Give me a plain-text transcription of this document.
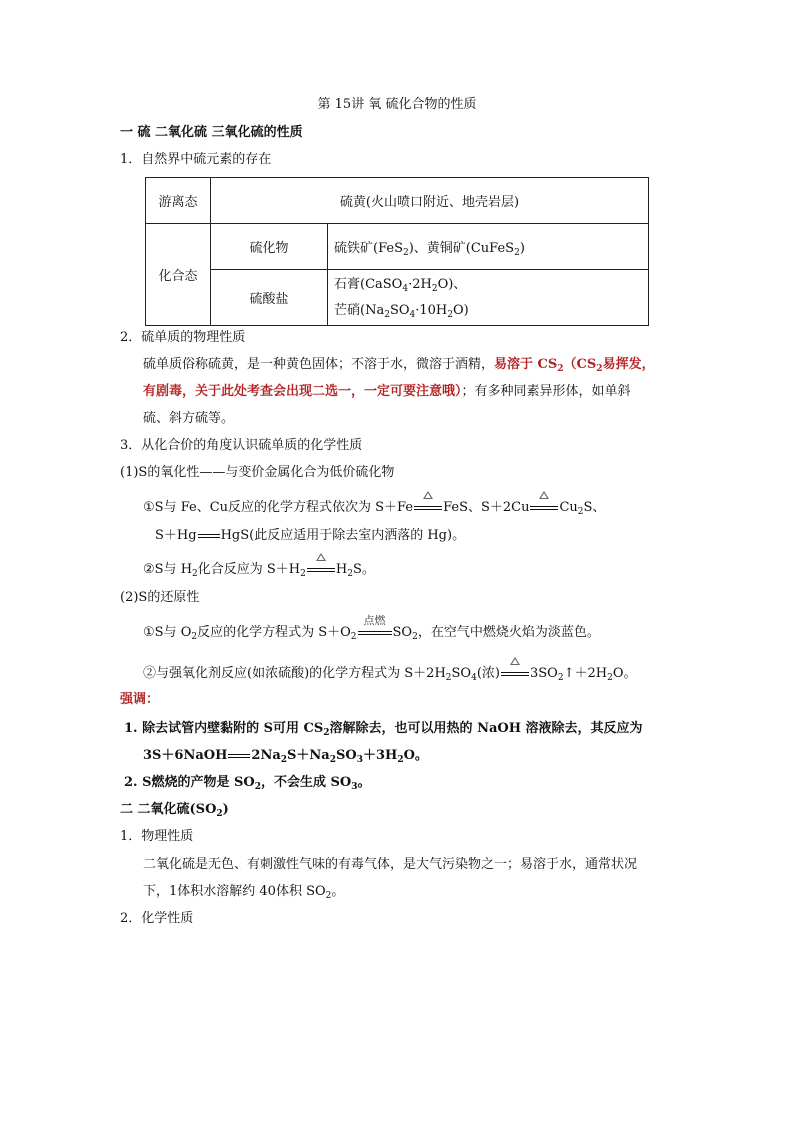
第 15讲 氧 硫化合物的性质
一 硫 二氧化硫 三氧化硫的性质
1．自然界中硫元素的存在
游离态	硫黄(火山喷口附近、地壳岩层)	
化合态	硫化物	硫铁矿(FeS$_2$)、黄铜矿(CuFeS$_2$)
	硫酸盐	石膏$(CaSO_4\cdot 2H_2O)$、
芒硝$(Na_2SO_4\cdot 10H_2O)$
2．硫单质的物理性质
硫单质俗称硫黄，是一种黄色固体；不溶于水，微溶于酒精，易溶于 $CS_2(CS_2$易挥发，
有剧毒，关于此处考查会出现二选一，一定可要注意哦）；有多种同素异形体，如单斜
硫、斜方硫等。
3．从化合价的角度认识硫单质的化学性质
(1)S的氧化性——与变价金属化合为低价硫化物
①S与 Fe、Cu反应的化学方程式依次为 S＋Fe FeS、S＋2Cu $Cu_2S$、
S＋Hg HgS(此反应适用于除去室内洒落的 Hg)。
②S与 $H_2$化合反应为 $S+H_2$ $H_2S$。
(2)S的还原性
①S与 $O_2$反应的化学方程式为 $S+O_2$
点燃
$SO_2$，在空气中燃烧火焰为淡蓝色。
②与强氧化剂反应(如浓硫酸)的化学方程式为 $S+2H_2SO_4$(浓) $3SO_2↑+2H_2O$。
强调：
1. 除去试管内壁黏附的 S可用 $CS_2$溶解除去，也可以用热的 NaOH 溶液除去，其反应为
3S＋6NaOH $2Na_2S+Na_2SO_3+3H_2O$。
2. S燃烧的产物是 $SO_2$，不会生成 $SO_3$。
二 二氧化硫$(SO_2)$
1．物理性质
二氧化硫是无色、有刺激性气味的有毒气体，是大气污染物之一；易溶于水，通常状况
下，1体积水溶解约 40体积 $SO_2$。
2．化学性质
